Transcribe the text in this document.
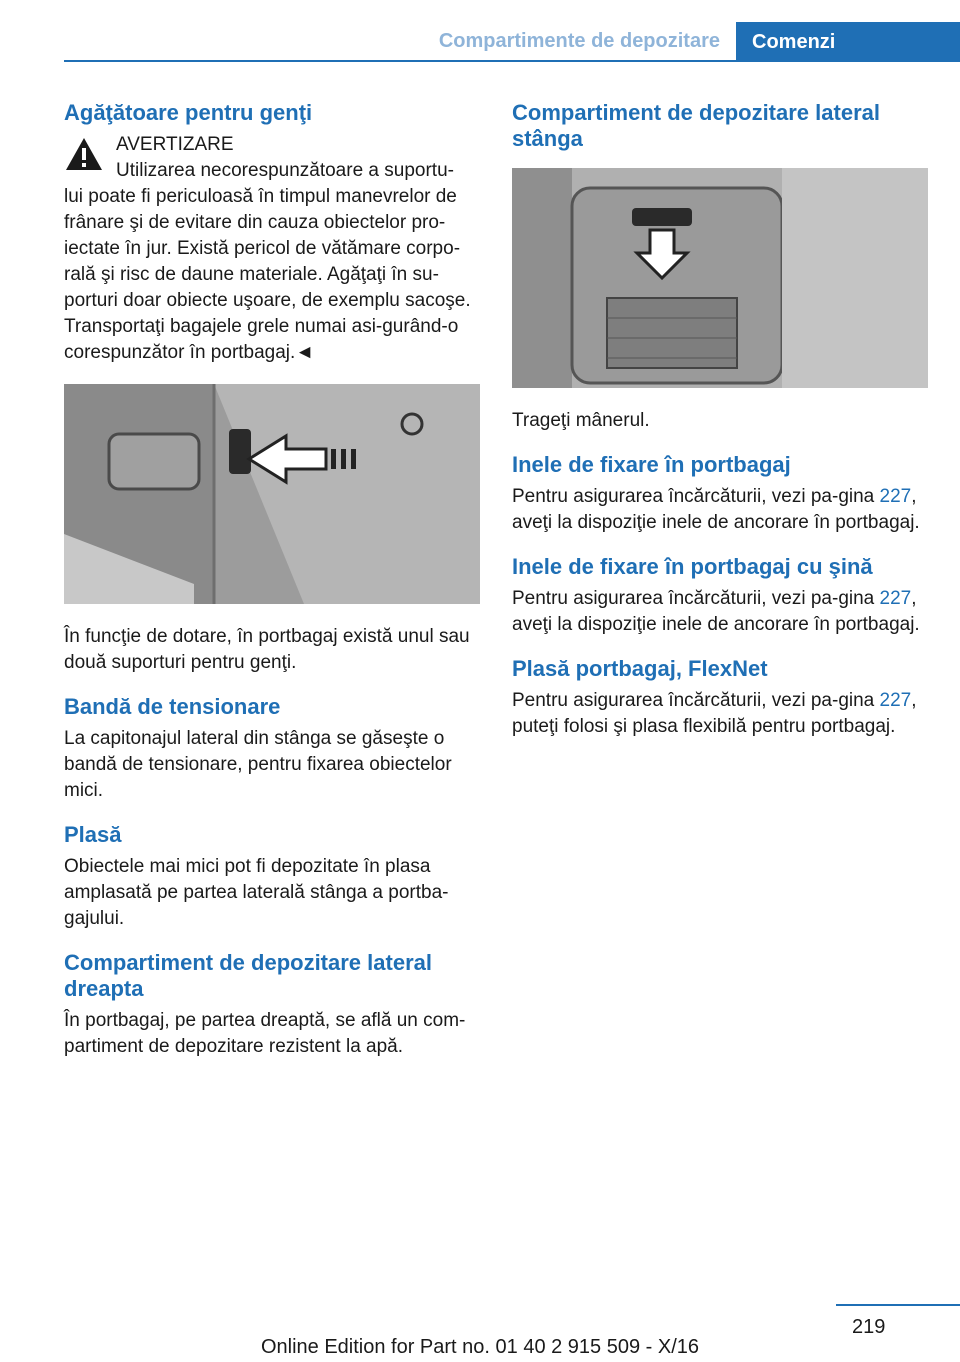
Compartimente de depozitare	Comenzi
Agăţătoare pentru genţi
AVERTIZARE

Utilizarea necorespunzătoare a suportu‐
lui poate fi periculoasă în timpul manevrelor de frânare şi de evitare din cauza obiectelor pro‐iectate în jur. Există pericol de vătămare corpo‐rală şi risc de daune materiale. Agăţaţi în su‐porturi doar obiecte uşoare, de exemplu sacoşe. Transportaţi bagajele grele numai asi‐gurând-o corespunzător în portbagaj.◄

În funcţie de dotare, în portbagaj există unul sau două suporturi pentru genţi.

Bandă de tensionare

La capitonajul lateral din stânga se găseşte o bandă de tensionare, pentru fixarea obiectelor mici.

Plasă

Obiectele mai mici pot fi depozitate în plasa amplasată pe partea laterală stânga a portba‐gajului.

Compartiment de depozitare lateral dreapta

În portbagaj, pe partea dreaptă, se află un com‐partiment de depozitare rezistent la apă.

Compartiment de depozitare lateral stânga

Trageţi mânerul.

Inele de fixare în portbagaj

Pentru asigurarea încărcăturii, vezi pa‐gina 227, aveţi la dispoziţie inele de ancorare în portbagaj.

Inele de fixare în portbagaj cu şină

Pentru asigurarea încărcăturii, vezi pa‐gina 227, aveţi la dispoziţie inele de ancorare în portbagaj.

Plasă portbagaj, FlexNet

Pentru asigurarea încărcăturii, vezi pa‐gina 227, puteţi folosi şi plasa flexibilă pentru portbagaj.

219
Online Edition for Part no. 01 40 2 915 509 - X/16
